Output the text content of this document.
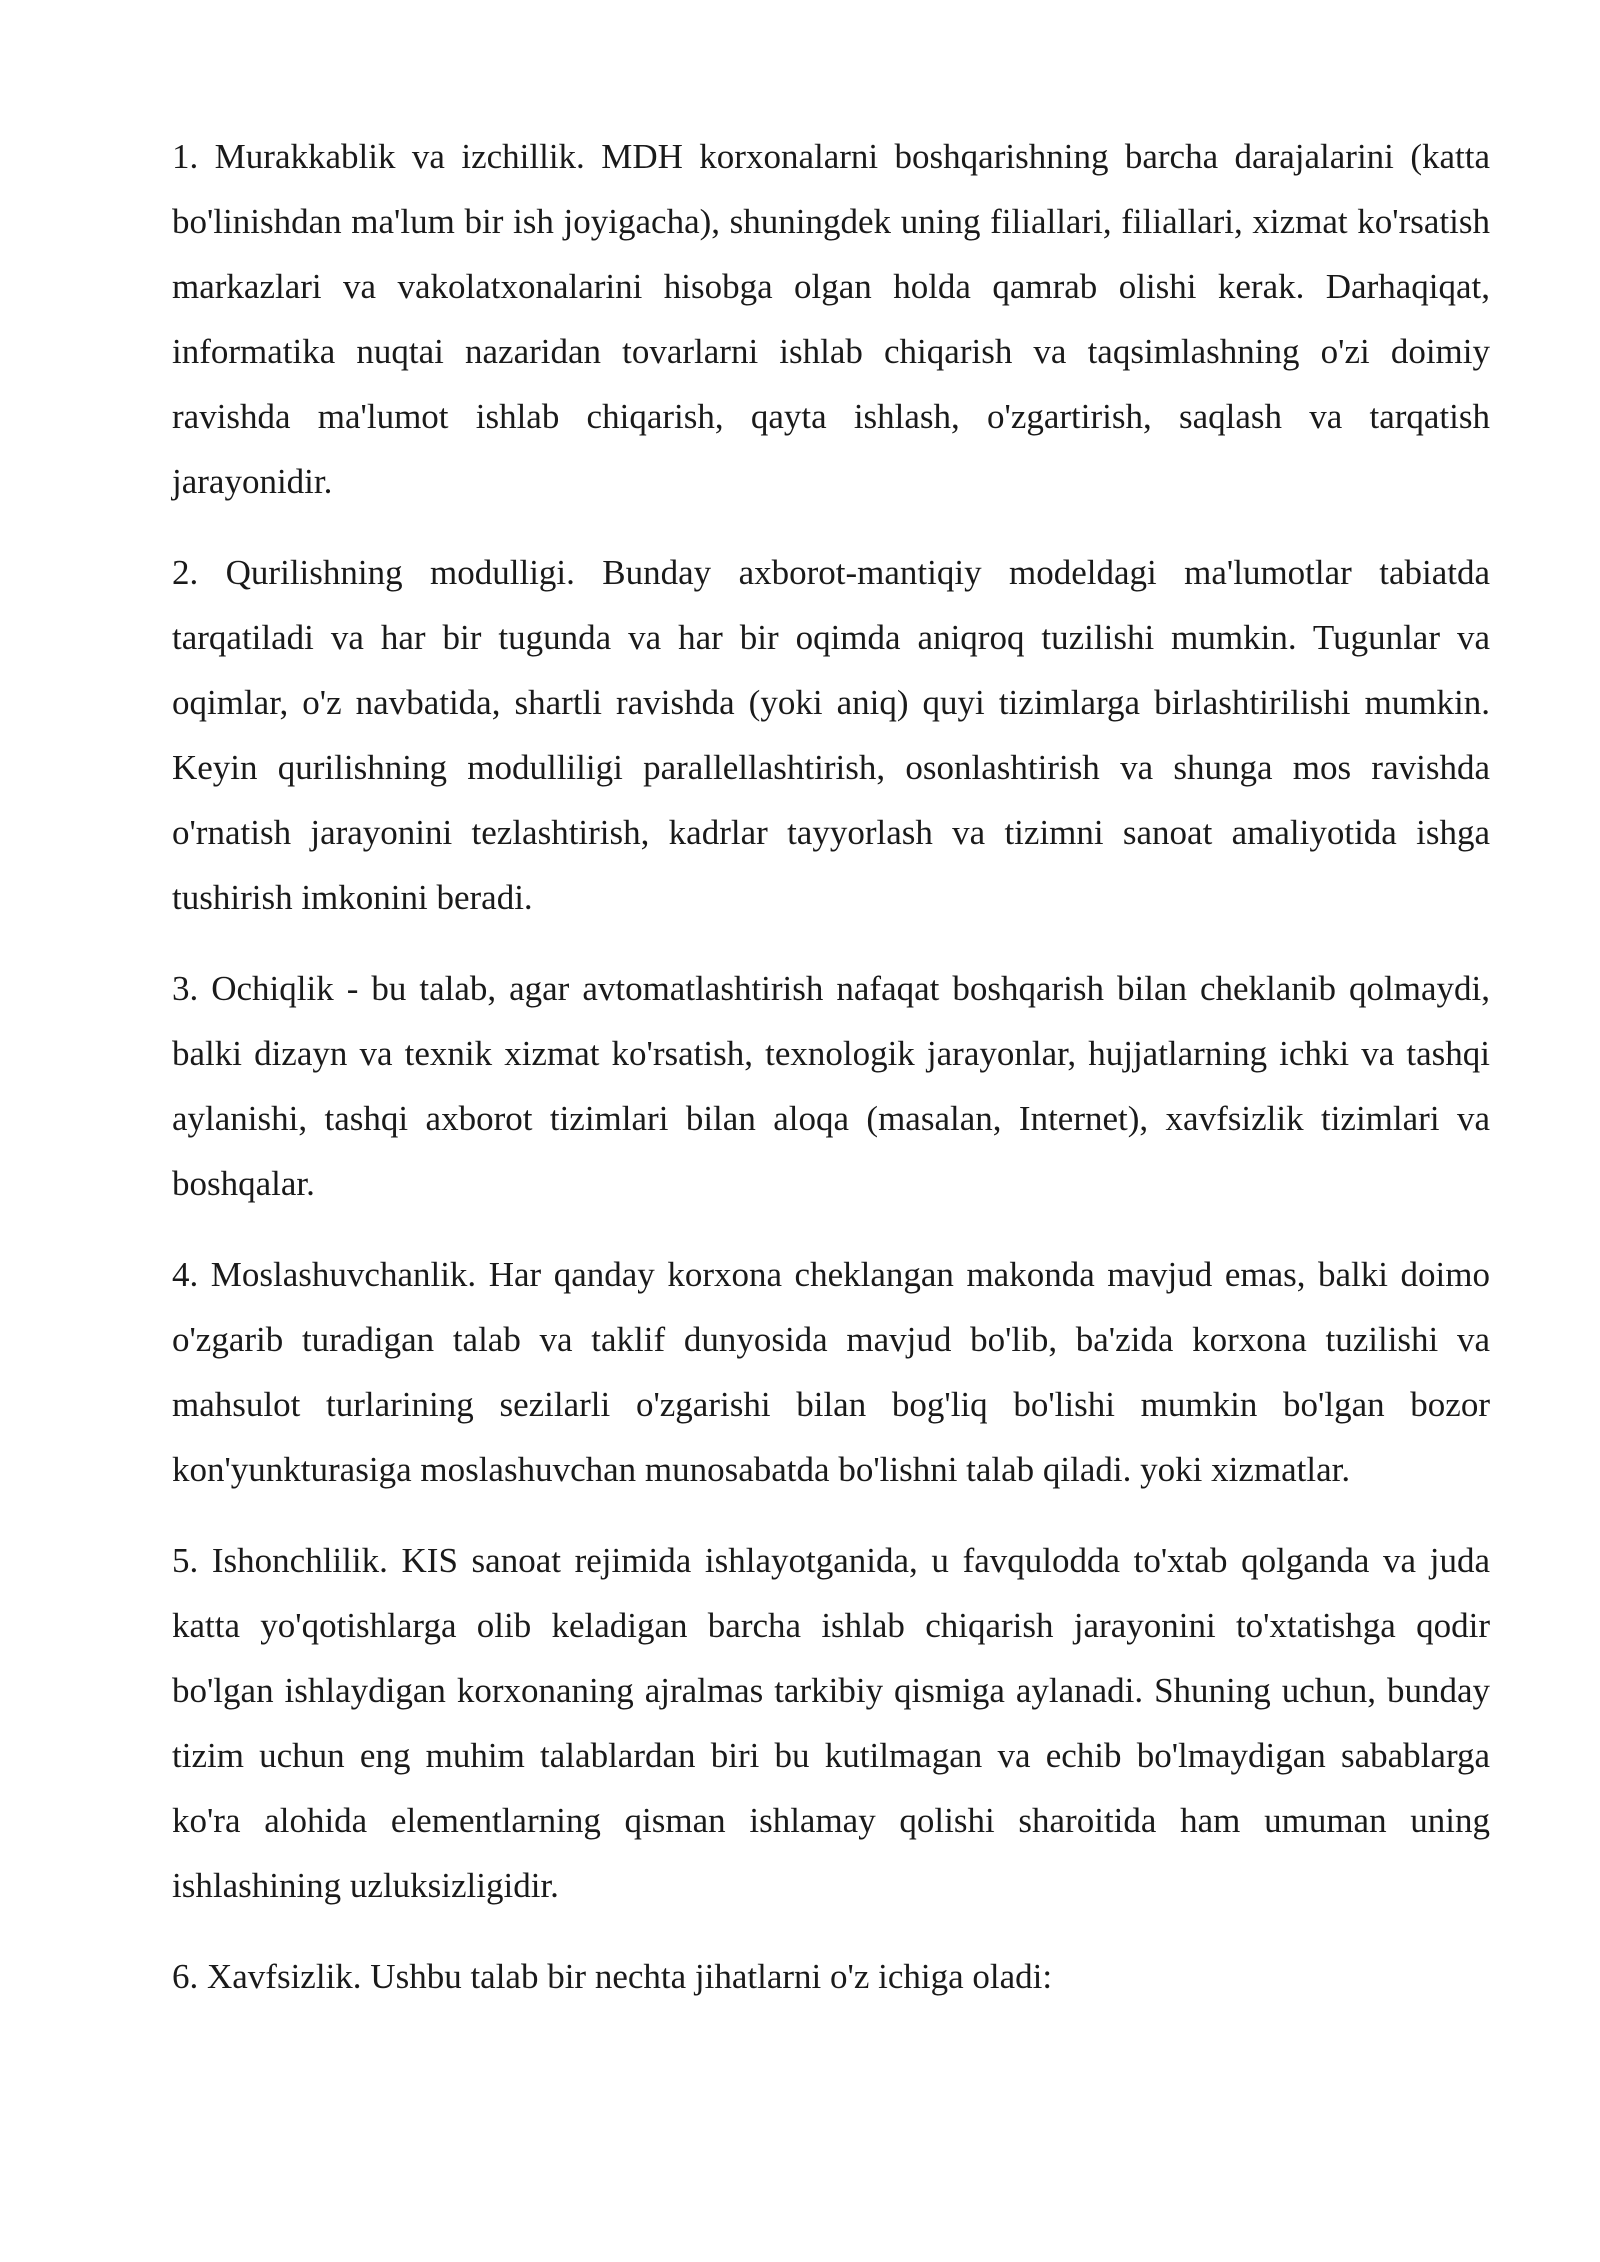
1. Murakkablik va izchillik. MDH korxonalarni boshqarishning barcha darajalarini (katta bo'linishdan ma'lum bir ish joyigacha), shuningdek uning filiallari, filiallari, xizmat ko'rsatish markazlari va vakolatxonalarini hisobga olgan holda qamrab olishi kerak. Darhaqiqat, informatika nuqtai nazaridan tovarlarni ishlab chiqarish va taqsimlashning o'zi doimiy ravishda ma'lumot ishlab chiqarish, qayta ishlash, o'zgartirish, saqlash va tarqatish jarayonidir.

2. Qurilishning modulligi. Bunday axborot-mantiqiy modeldagi ma'lumotlar tabiatda tarqatiladi va har bir tugunda va har bir oqimda aniqroq tuzilishi mumkin. Tugunlar va oqimlar, o'z navbatida, shartli ravishda (yoki aniq) quyi tizimlarga birlashtirilishi mumkin. Keyin qurilishning modulliligi parallellashtirish, osonlashtirish va shunga mos ravishda o'rnatish jarayonini tezlashtirish, kadrlar tayyorlash va tizimni sanoat amaliyotida ishga tushirish imkonini beradi.

3. Ochiqlik - bu talab, agar avtomatlashtirish nafaqat boshqarish bilan cheklanib qolmaydi, balki dizayn va texnik xizmat ko'rsatish, texnologik jarayonlar, hujjatlarning ichki va tashqi aylanishi, tashqi axborot tizimlari bilan aloqa (masalan, Internet), xavfsizlik tizimlari va boshqalar.

4. Moslashuvchanlik. Har qanday korxona cheklangan makonda mavjud emas, balki doimo o'zgarib turadigan talab va taklif dunyosida mavjud bo'lib, ba'zida korxona tuzilishi va mahsulot turlarining sezilarli o'zgarishi bilan bog'liq bo'lishi mumkin bo'lgan bozor kon'yunkturasiga moslashuvchan munosabatda bo'lishni talab qiladi. yoki xizmatlar.

5. Ishonchlilik. KIS sanoat rejimida ishlayotganida, u favqulodda to'xtab qolganda va juda katta yo'qotishlarga olib keladigan barcha ishlab chiqarish jarayonini to'xtatishga qodir bo'lgan ishlaydigan korxonaning ajralmas tarkibiy qismiga aylanadi. Shuning uchun, bunday tizim uchun eng muhim talablardan biri bu kutilmagan va echib bo'lmaydigan sabablarga ko'ra alohida elementlarning qisman ishlamay qolishi sharoitida ham umuman uning ishlashining uzluksizligidir.

6. Xavfsizlik. Ushbu talab bir nechta jihatlarni o'z ichiga oladi:
